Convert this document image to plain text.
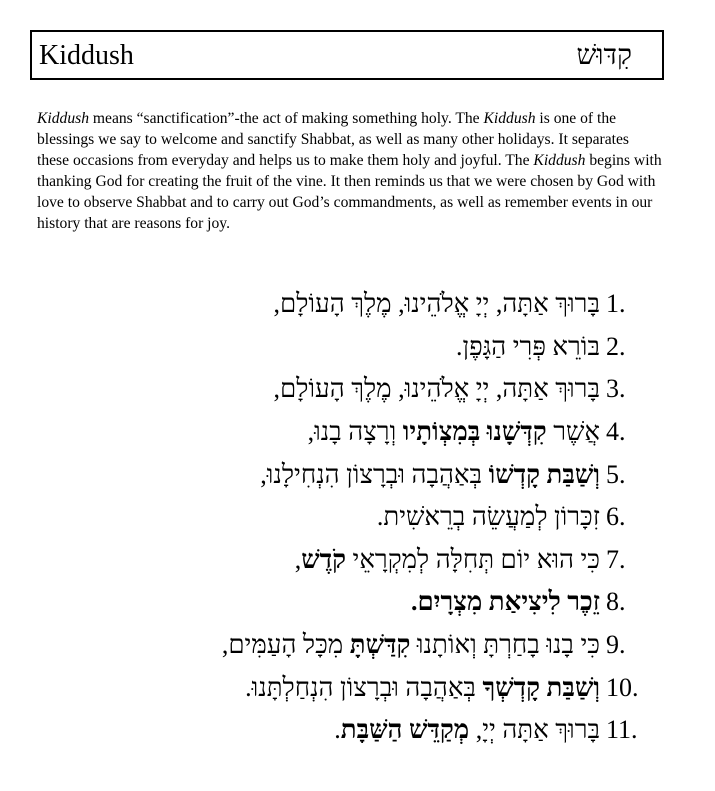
Kiddush	קִדּוּשׁ

Kiddush means “sanctification”-the act of making something holy. The Kiddush is one of the blessings we say to welcome and sanctify Shabbat, as well as many other holidays. It separates these occasions from everyday and helps us to make them holy and joyful. The Kiddush begins with thanking God for creating the fruit of the vine. It then reminds us that we were chosen by God with love to observe Shabbat and to carry out God’s commandments, as well as remember events in our history that are reasons for joy.

1.
בָּרוּךְ אַתָּה, יְיָ אֱלֹהֵינוּ, מֶלֶךְ הָעוֹלָם,
2.
בּוֹרֵא פְּרִי הַגָּפֶן.
3.
בָּרוּךְ אַתָּה, יְיָ אֱלֹהֵינוּ, מֶלֶךְ הָעוֹלָם,
4.
אֲשֶׁר קִדְּשָׁנוּ בְּמִצְוֹתָיו וְרָצָה בָנוּ,
5.
וְשַׁבַּת קָדְשׁוֹ בְּאַהֲבָה וּבְרָצוֹן הִנְחִילָנוּ,
6.
זִכָּרוֹן לְמַעֲשֵׂה בְרֵאשִׁית.
7.
כִּי הוּא יוֹם תְּחִלָּה לְמִקְרָאֵי קֹדֶשׁ,
8.
זֵכֶר לִיצִיאַת מִצְרָיִם.
9.
כִּי בָנוּ בָחַרְתָּ וְאוֹתָנוּ קִדַּשְׁתָּ מִכָּל הָעַמִּים,
10.
וְשַׁבַּת קָדְשְׁךָ בְּאַהֲבָה וּבְרָצוֹן הִנְחַלְתָּנוּ.
11.
בָּרוּךְ אַתָּה יְיָ, מְקַדֵּשׁ הַשַּׁבָּת.
